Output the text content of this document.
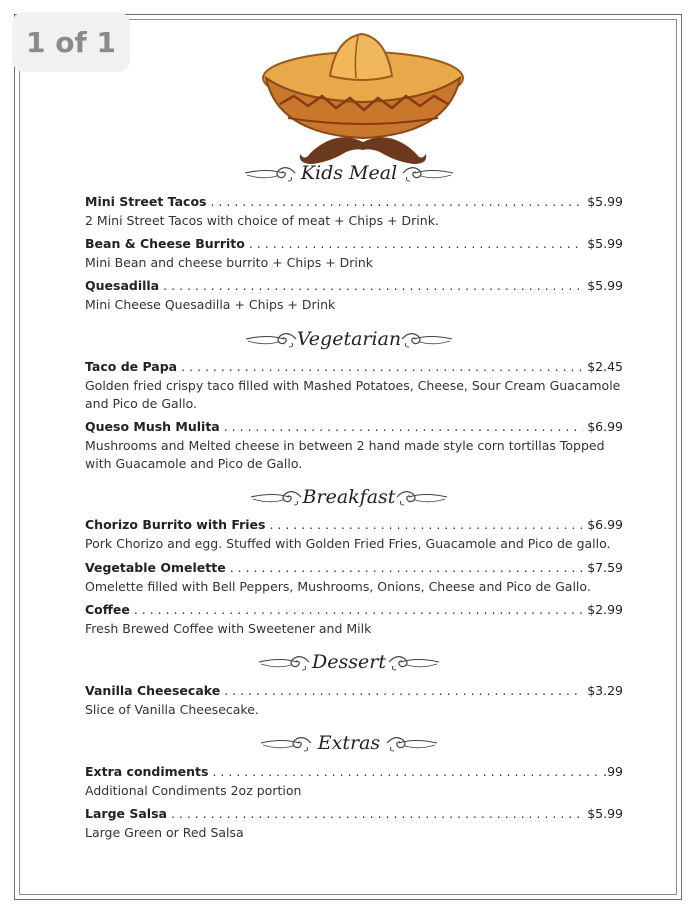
1 of 1
Kids Meal
Mini Street Tacos . . .	$5.99
2 Mini Street Tacos with choice of meat + Chips + Drink.
Bean & Cheese Burrito . . .	$5.99
Mini Bean and cheese burrito + Chips + Drink
Quesadilla . . .	$5.99
Mini Cheese Quesadilla + Chips + Drink
Vegetarian
Taco de Papa . . .	$2.45
Golden fried crispy taco filled with Mashed Potatoes, Cheese, Sour Cream Guacamole and Pico de Gallo.
Queso Mush Mulita . . .	$6.99
Mushrooms and Melted cheese in between 2 hand made style corn tortillas Topped with Guacamole and Pico de Gallo.
Breakfast
Chorizo Burrito with Fries . . .	$6.99
Pork Chorizo and egg. Stuffed with Golden Fried Fries, Guacamole and Pico de gallo.
Vegetable Omelette . . .	$7.59
Omelette filled with Bell Peppers, Mushrooms, Onions, Cheese and Pico de Gallo.
Coffee . . .	$2.99
Fresh Brewed Coffee with Sweetener and Milk
Dessert
Vanilla Cheesecake . . .	$3.29
Slice of Vanilla Cheesecake.
Extras
Extra condiments . . .	.99
Additional Condiments 2oz portion
Large Salsa . . .	$5.99
Large Green or Red Salsa
